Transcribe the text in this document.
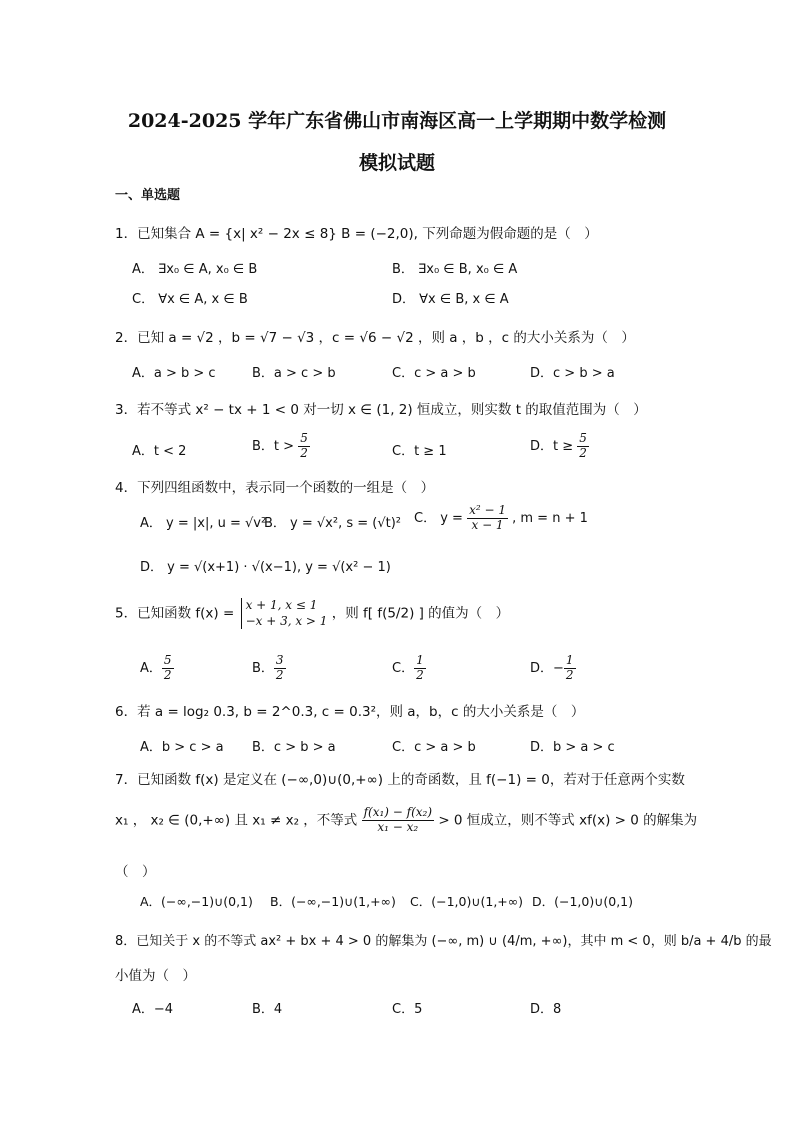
2024-2025 学年广东省佛山市南海区高一上学期期中数学检测
模拟试题
一、单选题
1．已知集合 A = {x| x² − 2x ≤ 8} B = (−2,0), 下列命题为假命题的是（　）
A． ∃x₀ ∈ A, x₀ ∈ B	B． ∃x₀ ∈ B, x₀ ∈ A
C． ∀x ∈ A, x ∈ B	D． ∀x ∈ B, x ∈ A
2．已知 a = √2 ，b = √7 − √3 ，c = √6 − √2 ，则 a ，b ，c 的大小关系为（　）
A．a > b > c	B．a > c > b	C．c > a > b	D．c > b > a
3．若不等式 x² − tx + 1 < 0 对一切 x ∈ (1, 2) 恒成立，则实数 t 的取值范围为（　）
A．t < 2	B．$t > \frac{5}{2}$	C．t ≥ 1	D．$t \ge \frac{5}{2}$
4．下列四组函数中，表示同一个函数的一组是（　）
A． y = |x|, u = √v²
B． y = √x², s = (√t)² C． $y = \frac{\text{x² − 1}}{x - 1}$ , m = n + 1
D． y = √(x+1) · √(x−1), y = √(x² − 1)
5．已知函数 f(x) =
x + 1, x ≤ 1
−x + 3, x > 1 ，则 f[ f(5/2) ] 的值为（　）
A． $\frac{5}{2}$	B． $\frac{3}{2}$	C． $\frac{1}{2}$	D．− $\frac{1}{2}$
6．若 a = log₂ 0.3, b = 2^0.3, c = 0.3²，则 a，b，c 的大小关系是（　）
A．b > c > a B．c > b > a	C．c > a > b	D．b > a > c
7．已知函数 f(x) 是定义在 (−∞,0)∪(0,+∞) 上的奇函数，且 f(−1) = 0，若对于任意两个实数
x₁ ， x₂ ∈ (0,+∞) 且 x₁ ≠ x₂ ，不等式 $\frac{\text{f(x₁) − f(x₂)}}{\text{x₁ − x₂}} > 0$ 恒成立，则不等式 xf(x) > 0 的解集为
（　）
A．(−∞,−1)∪(0,1) B．(−∞,−1)∪(1,+∞) C．(−1,0)∪(1,+∞) D．(−1,0)∪(0,1)
8．已知关于 x 的不等式 ax² + bx + 4 > 0 的解集为 (−∞, m) ∪ (4/m, +∞)，其中 m < 0，则 b/a + 4/b 的最
小值为（　）
A．−4	B．4	C．5	D．8
